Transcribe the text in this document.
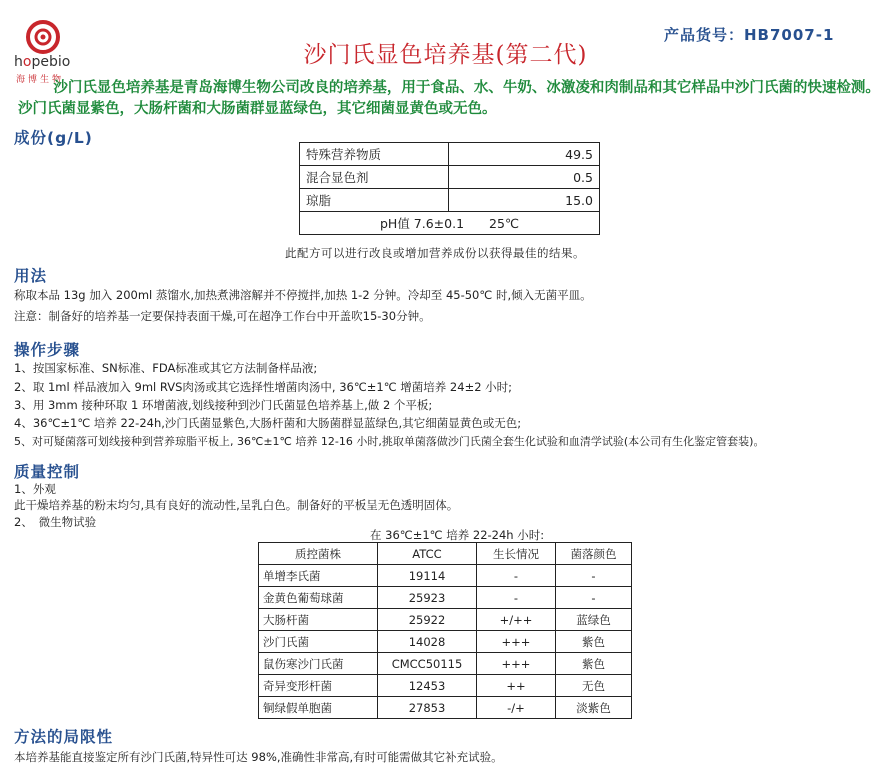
hopebio
海博生物
沙门氏显色培养基(第二代)
产品货号：HB7007-1
沙门氏显色培养基是青岛海博生物公司改良的培养基，用于食品、水、牛奶、冰激凌和肉制品和其它样品中沙门氏菌的快速检测。沙门氏菌显紫色，大肠杆菌和大肠菌群显蓝绿色，其它细菌显黄色或无色。
成份(g/L)
特殊营养物质	49.5
混合显色剂	0.5
琼脂	15.0
pH值 7.6±0.1　　25℃	
此配方可以进行改良或增加营养成份以获得最佳的结果。
用法
称取本品 13g 加入 200ml 蒸馏水,加热煮沸溶解并不停搅拌,加热 1-2 分钟。冷却至 45-50℃ 时,倾入无菌平皿。
注意：制备好的培养基一定要保持表面干燥,可在超净工作台中开盖吹15-30分钟。
操作步骤
1、按国家标准、SN标准、FDA标准或其它方法制备样品液;
2、取 1ml 样品液加入 9ml RVS肉汤或其它选择性增菌肉汤中, 36℃±1℃ 增菌培养 24±2 小时;
3、用 3mm 接种环取 1 环增菌液,划线接种到沙门氏菌显色培养基上,做 2 个平板;
4、36℃±1℃ 培养 22-24h,沙门氏菌显紫色,大肠杆菌和大肠菌群显蓝绿色,其它细菌显黄色或无色;
5、对可疑菌落可划线接种到营养琼脂平板上, 36℃±1℃ 培养 12-16 小时,挑取单菌落做沙门氏菌全套生化试验和血清学试验(本公司有生化鉴定管套装)。
质量控制
1、外观
此干燥培养基的粉末均匀,具有良好的流动性,呈乳白色。制备好的平板呈无色透明固体。
2、　微生物试验
在 36℃±1℃ 培养 22-24h 小时:
质控菌株	ATCC	生长情况	菌落颜色
单增李氏菌	19114	-	-
金黄色葡萄球菌	25923	-	-
大肠杆菌	25922	+/++	蓝绿色
沙门氏菌	14028	+++	紫色
鼠伤寒沙门氏菌	CMCC50115	+++	紫色
奇异变形杆菌	12453	++	无色
铜绿假单胞菌	27853	-/+	淡紫色
方法的局限性
本培养基能直接鉴定所有沙门氏菌,特异性可达 98%,准确性非常高,有时可能需做其它补充试验。
